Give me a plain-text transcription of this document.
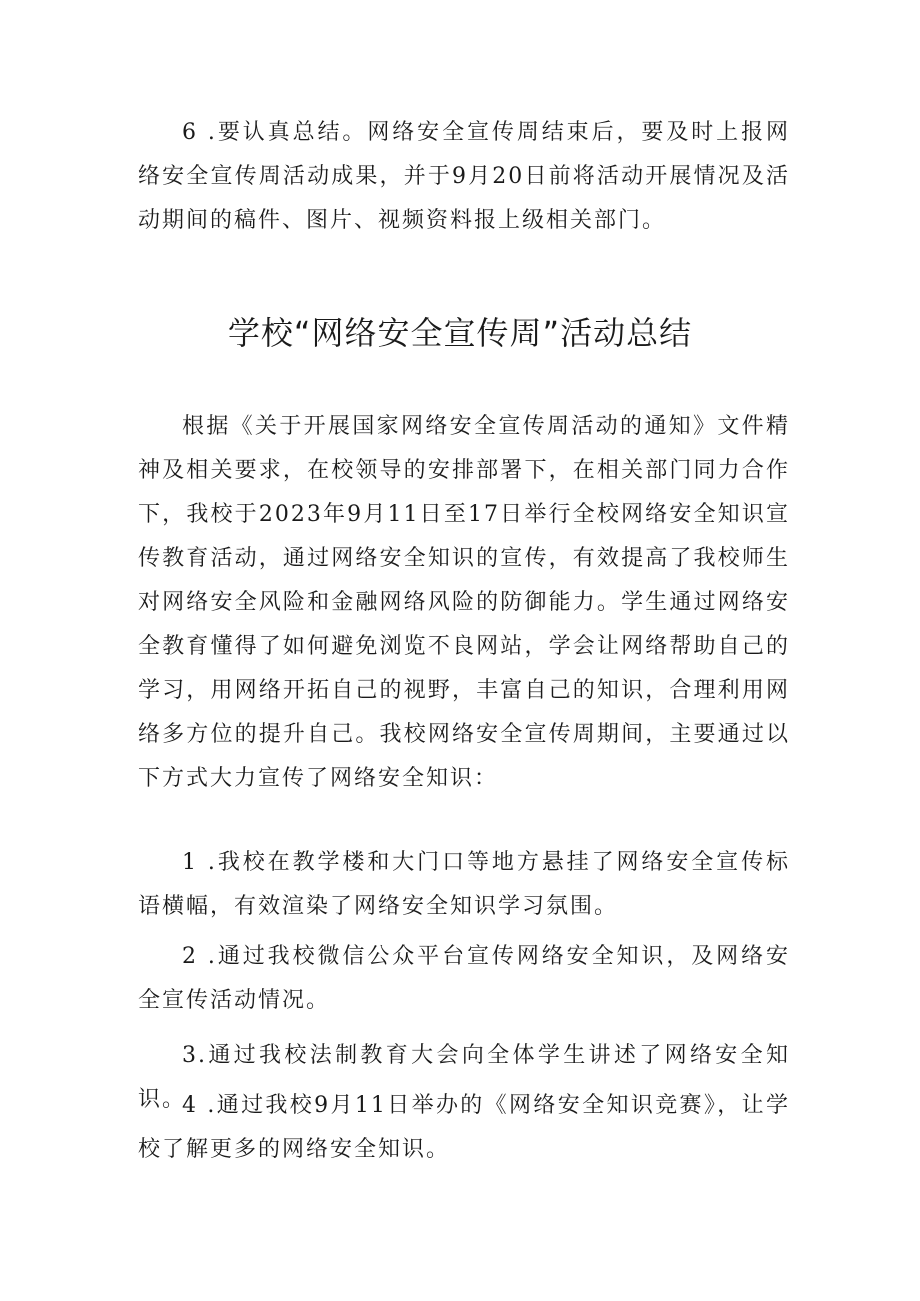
6 .要认真总结。网络安全宣传周结束后，要及时上报网络安全宣传周活动成果，并于9月20日前将活动开展情况及活动期间的稿件、图片、视频资料报上级相关部门。

学校“网络安全宣传周”活动总结

根据《关于开展国家网络安全宣传周活动的通知》文件精神及相关要求，在校领导的安排部署下，在相关部门同力合作下，我校于2023年9月11日至17日举行全校网络安全知识宣传教育活动，通过网络安全知识的宣传，有效提高了我校师生对网络安全风险和金融网络风险的防御能力。学生通过网络安全教育懂得了如何避免浏览不良网站，学会让网络帮助自己的学习，用网络开拓自己的视野，丰富自己的知识，合理利用网络多方位的提升自己。我校网络安全宣传周期间，主要通过以下方式大力宣传了网络安全知识：

1 .我校在教学楼和大门口等地方悬挂了网络安全宣传标语横幅，有效渲染了网络安全知识学习氛围。

2 .通过我校微信公众平台宣传网络安全知识，及网络安全宣传活动情况。

3.通过我校法制教育大会向全体学生讲述了网络安全知识。

4 .通过我校9月11日举办的《网络安全知识竞赛》，让学校了解更多的网络安全知识。
